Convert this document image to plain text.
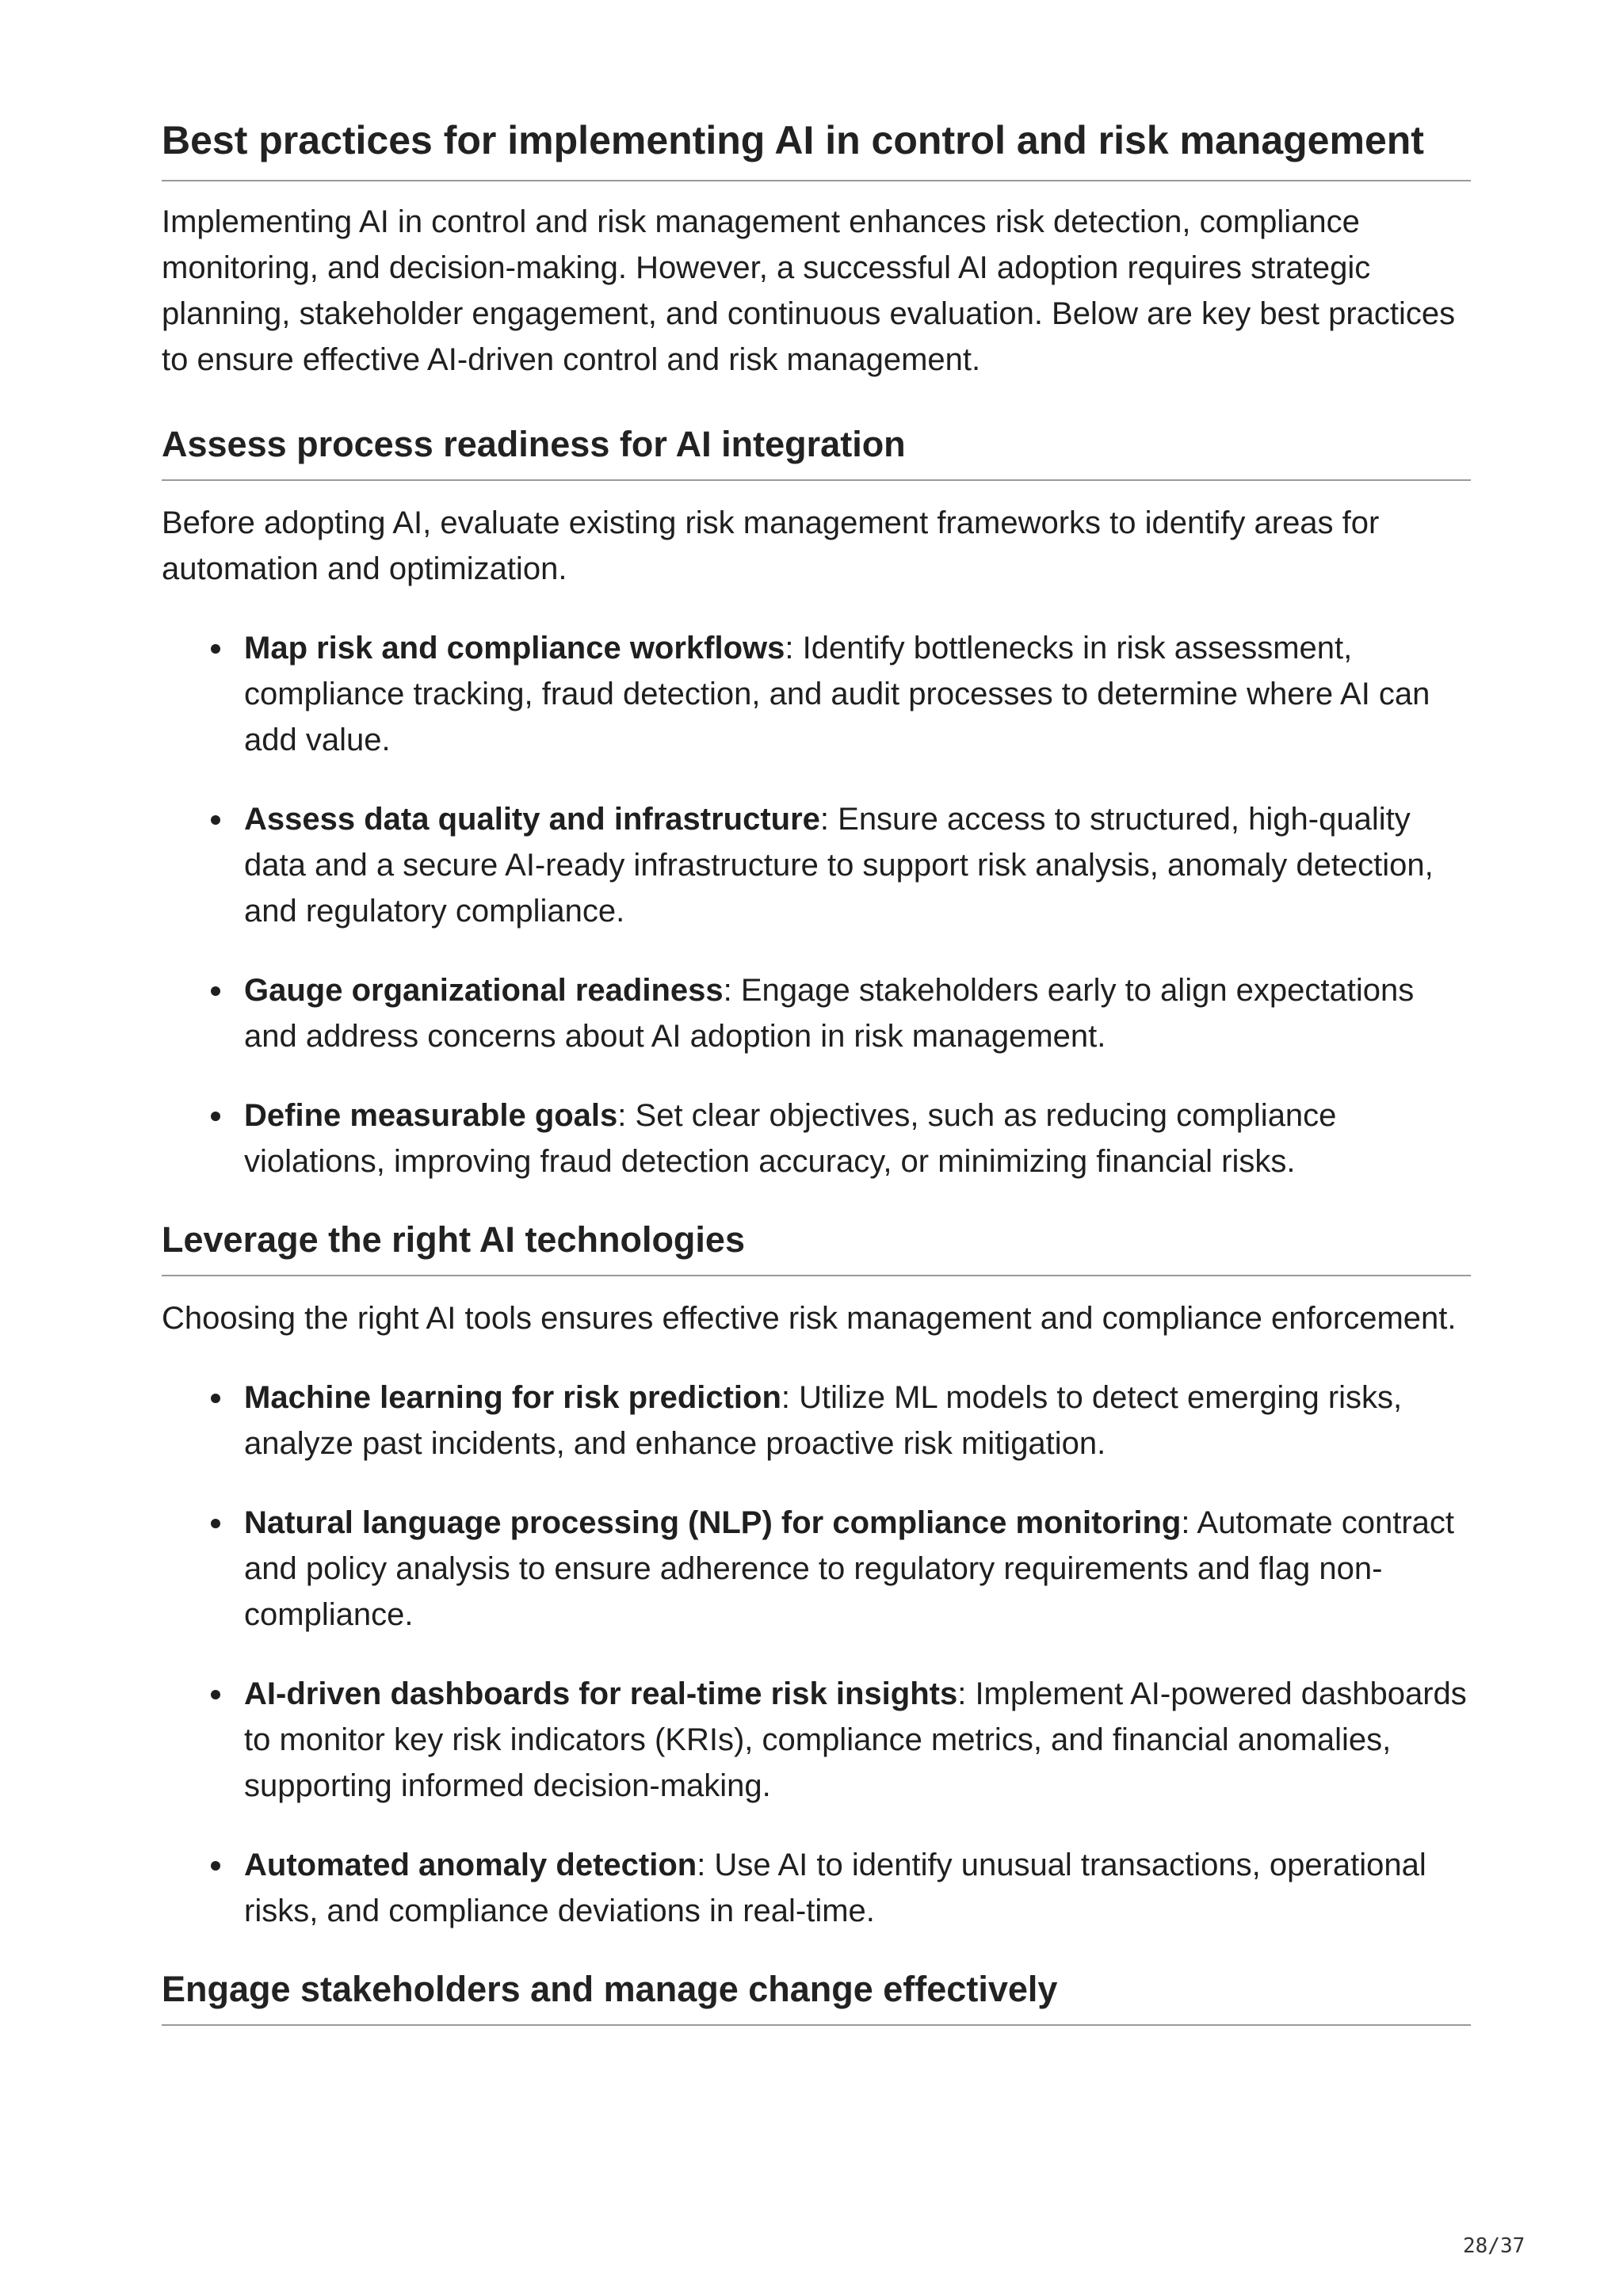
Best practices for implementing AI in control and risk management

Implementing AI in control and risk management enhances risk detection, compliance monitoring, and decision-making. However, a successful AI adoption requires strategic planning, stakeholder engagement, and continuous evaluation. Below are key best practices to ensure effective AI-driven control and risk management.

Assess process readiness for AI integration

Before adopting AI, evaluate existing risk management frameworks to identify areas for automation and optimization.

Map risk and compliance workflows: Identify bottlenecks in risk assessment, compliance tracking, fraud detection, and audit processes to determine where AI can add value.
Assess data quality and infrastructure: Ensure access to structured, high-quality data and a secure AI-ready infrastructure to support risk analysis, anomaly detection, and regulatory compliance.
Gauge organizational readiness: Engage stakeholders early to align expectations and address concerns about AI adoption in risk management.
Define measurable goals: Set clear objectives, such as reducing compliance violations, improving fraud detection accuracy, or minimizing financial risks.
Leverage the right AI technologies

Choosing the right AI tools ensures effective risk management and compliance enforcement.

Machine learning for risk prediction: Utilize ML models to detect emerging risks, analyze past incidents, and enhance proactive risk mitigation.
Natural language processing (NLP) for compliance monitoring: Automate contract and policy analysis to ensure adherence to regulatory requirements and flag non-compliance.
AI-driven dashboards for real-time risk insights: Implement AI-powered dashboards to monitor key risk indicators (KRIs), compliance metrics, and financial anomalies, supporting informed decision-making.
Automated anomaly detection: Use AI to identify unusual transactions, operational risks, and compliance deviations in real-time.
Engage stakeholders and manage change effectively
28/37
